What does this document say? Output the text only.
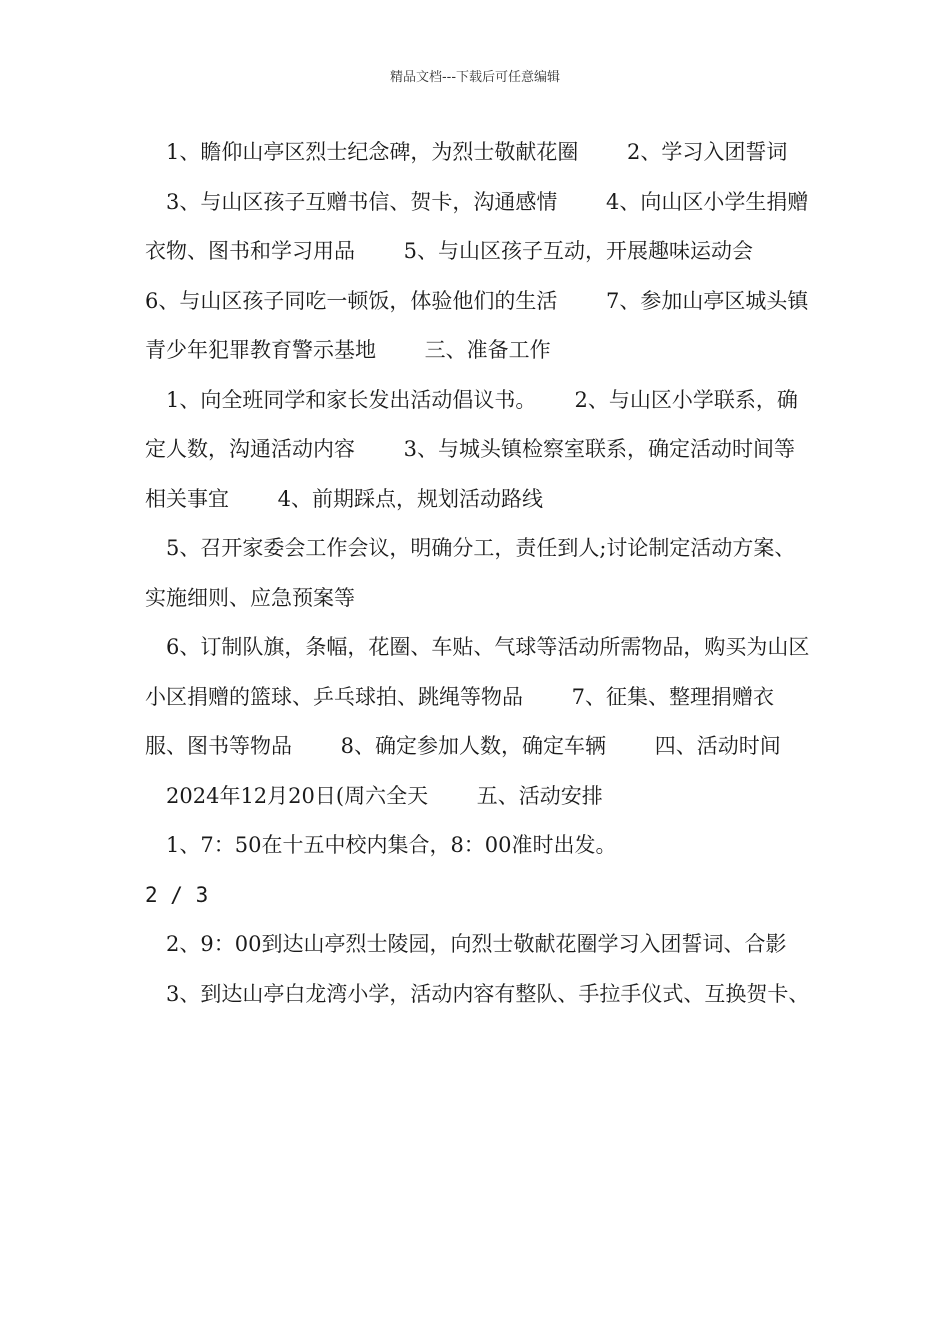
精品文档---下载后可任意编辑

1、瞻仰山亭区烈士纪念碑，为烈士敬献花圈　　 2、学习入团誓词

3、与山区孩子互赠书信、贺卡，沟通感情　　 4、向山区小学生捐赠衣物、图书和学习用品　　 5、与山区孩子互动，开展趣味运动会　　 6、与山区孩子同吃一顿饭，体验他们的生活　　 7、参加山亭区城头镇青少年犯罪教育警示基地　　 三、准备工作

1、向全班同学和家长发出活动倡议书。　　 2、与山区小学联系，确定人数，沟通活动内容　　 3、与城头镇检察室联系，确定活动时间等相关事宜　　 4、前期踩点，规划活动路线

5、召开家委会工作会议，明确分工，责任到人;讨论制定活动方案、实施细则、应急预案等

6、订制队旗，条幅，花圈、车贴、气球等活动所需物品，购买为山区小区捐赠的篮球、乒乓球拍、跳绳等物品　　 7、征集、整理捐赠衣服、图书等物品　　 8、确定参加人数，确定车辆　　 四、活动时间

2024年12月20日(周六全天　　 五、活动安排

1、7：50在十五中校内集合，8：00准时出发。

2 / 3

2、9：00到达山亭烈士陵园，向烈士敬献花圈学习入团誓词、合影

3、到达山亭白龙湾小学，活动内容有整队、手拉手仪式、互换贺卡、
